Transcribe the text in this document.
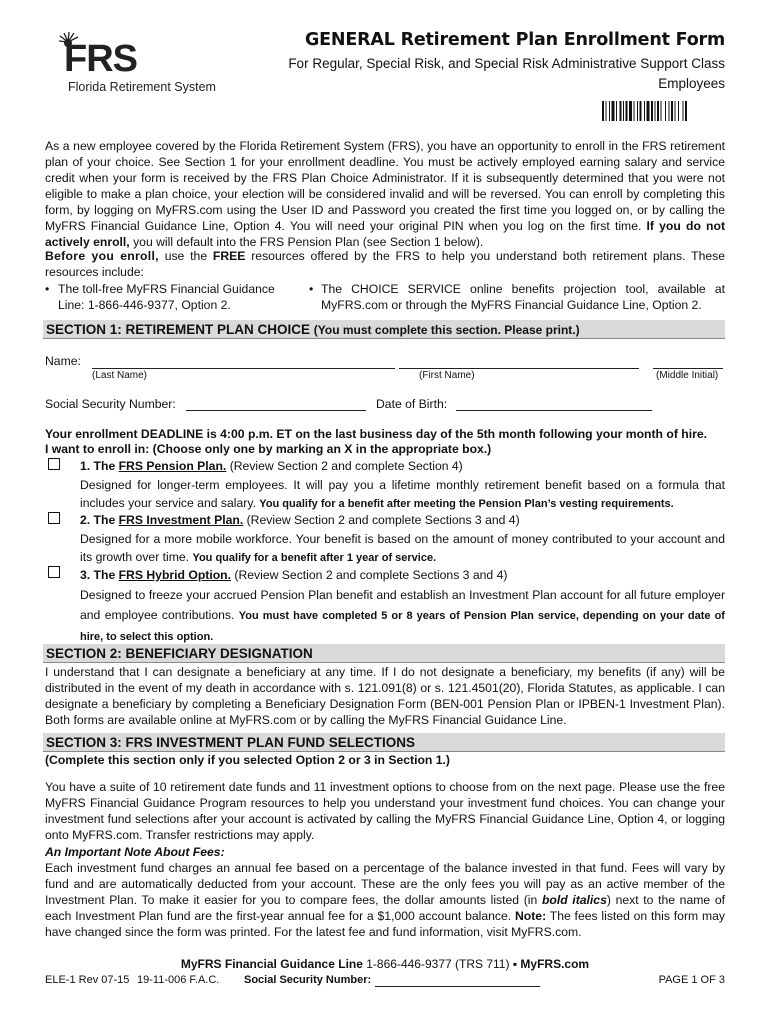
FRS
Florida Retirement System
GENERAL Retirement Plan Enrollment Form
For Regular, Special Risk, and Special Risk Administrative Support Class Employees
As a new employee covered by the Florida Retirement System (FRS), you have an opportunity to enroll in the FRS retirement plan of your choice. See Section 1 for your enrollment deadline. You must be actively employed earning salary and service credit when your form is received by the FRS Plan Choice Administrator. If it is subsequently determined that you were not eligible to make a plan choice, your election will be considered invalid and will be reversed. You can enroll by completing this form, by logging on MyFRS.com using the User ID and Password you created the first time you logged on, or by calling the MyFRS Financial Guidance Line, Option 4. You will need your original PIN when you log on the first time. If you do not actively enroll, you will default into the FRS Pension Plan (see Section 1 below).
Before you enroll, use the FREE resources offered by the FRS to help you understand both retirement plans. These resources include:
• The toll-free MyFRS Financial Guidance Line: 1-866-446-9377, Option 2.
• The CHOICE SERVICE online benefits projection tool, available at MyFRS.com or through the MyFRS Financial Guidance Line, Option 2.
SECTION 1: RETIREMENT PLAN CHOICE (You must complete this section. Please print.)
Name:
(Last Name)	(First Name)	(Middle Initial)
Social Security Number:	Date of Birth:
Your enrollment DEADLINE is 4:00 p.m. ET on the last business day of the 5th month following your month of hire.
I want to enroll in: (Choose only one by marking an X in the appropriate box.)
1. The FRS Pension Plan. (Review Section 2 and complete Section 4)
Designed for longer-term employees. It will pay you a lifetime monthly retirement benefit based on a formula that includes your service and salary. You qualify for a benefit after meeting the Pension Plan’s vesting requirements.
2. The FRS Investment Plan. (Review Section 2 and complete Sections 3 and 4)
Designed for a more mobile workforce. Your benefit is based on the amount of money contributed to your account and its growth over time. You qualify for a benefit after 1 year of service.
3. The FRS Hybrid Option. (Review Section 2 and complete Sections 3 and 4)
Designed to freeze your accrued Pension Plan benefit and establish an Investment Plan account for all future employer and employee contributions. You must have completed 5 or 8 years of Pension Plan service, depending on your date of hire, to select this option.
SECTION 2: BENEFICIARY DESIGNATION
I understand that I can designate a beneficiary at any time. If I do not designate a beneficiary, my benefits (if any) will be distributed in the event of my death in accordance with s. 121.091(8) or s. 121.4501(20), Florida Statutes, as applicable. I can designate a beneficiary by completing a Beneficiary Designation Form (BEN-001 Pension Plan or IPBEN-1 Investment Plan). Both forms are available online at MyFRS.com or by calling the MyFRS Financial Guidance Line.
SECTION 3: FRS INVESTMENT PLAN FUND SELECTIONS
(Complete this section only if you selected Option 2 or 3 in Section 1.)
You have a suite of 10 retirement date funds and 11 investment options to choose from on the next page. Please use the free MyFRS Financial Guidance Program resources to help you understand your investment fund choices. You can change your investment fund selections after your account is activated by calling the MyFRS Financial Guidance Line, Option 4, or logging onto MyFRS.com. Transfer restrictions may apply.
An Important Note About Fees:
Each investment fund charges an annual fee based on a percentage of the balance invested in that fund. Fees will vary by fund and are automatically deducted from your account. These are the only fees you will pay as an active member of the Investment Plan. To make it easier for you to compare fees, the dollar amounts listed (in bold italics) next to the name of each Investment Plan fund are the first-year annual fee for a $1,000 account balance. Note: The fees listed on this form may have changed since the form was printed. For the latest fee and fund information, visit MyFRS.com.
MyFRS Financial Guidance Line 1-866-446-9377 (TRS 711) ▪ MyFRS.com
ELE-1 Rev 07-15 19-11-006 F.A.C. Social Security Number:	PAGE 1 OF 3
